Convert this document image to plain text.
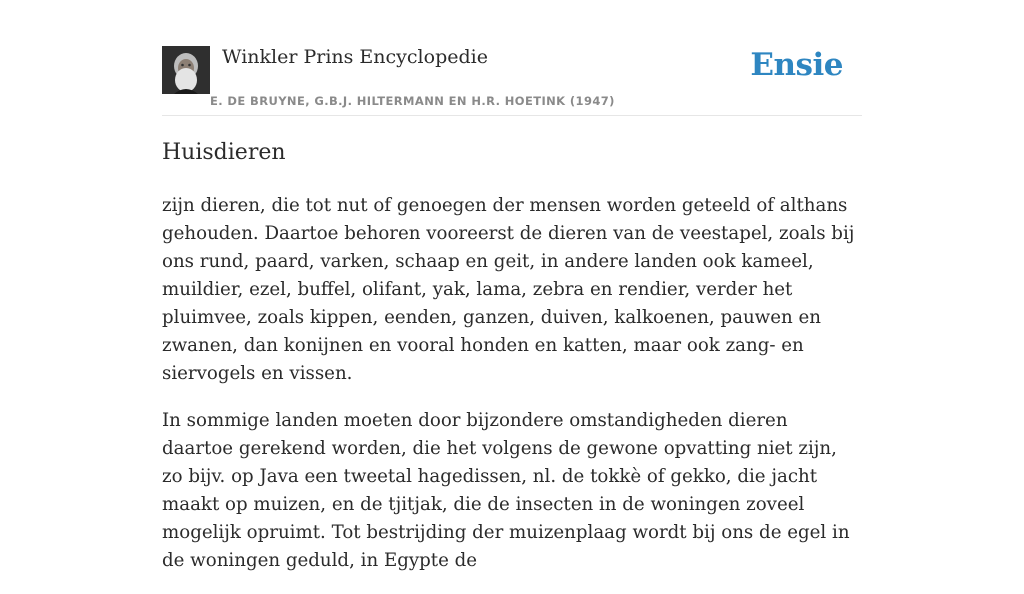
Winkler Prins Encyclopedie
E. DE BRUYNE, G.B.J. HILTERMANN EN H.R. HOETINK (1947)
Ensie
Huisdieren

zijn dieren, die tot nut of genoegen der mensen worden geteeld of althans gehouden. Daartoe behoren vooreerst de dieren van de veestapel, zoals bij ons rund, paard, varken, schaap en geit, in andere landen ook kameel, muildier, ezel, buffel, olifant, yak, lama, zebra en rendier, verder het pluimvee, zoals kippen, eenden, ganzen, duiven, kalkoenen, pauwen en zwanen, dan konijnen en vooral honden en katten, maar ook zang- en siervogels en vissen.

In sommige landen moeten door bijzondere omstandigheden dieren daartoe gerekend worden, die het volgens de gewone opvatting niet zijn, zo bijv. op Java een tweetal hagedissen, nl. de tokkè of gekko, die jacht maakt op muizen, en de tjitjak, die de insecten in de woningen zoveel mogelijk opruimt. Tot bestrijding der muizenplaag wordt bij ons de egel in de woningen geduld, in Egypte de
